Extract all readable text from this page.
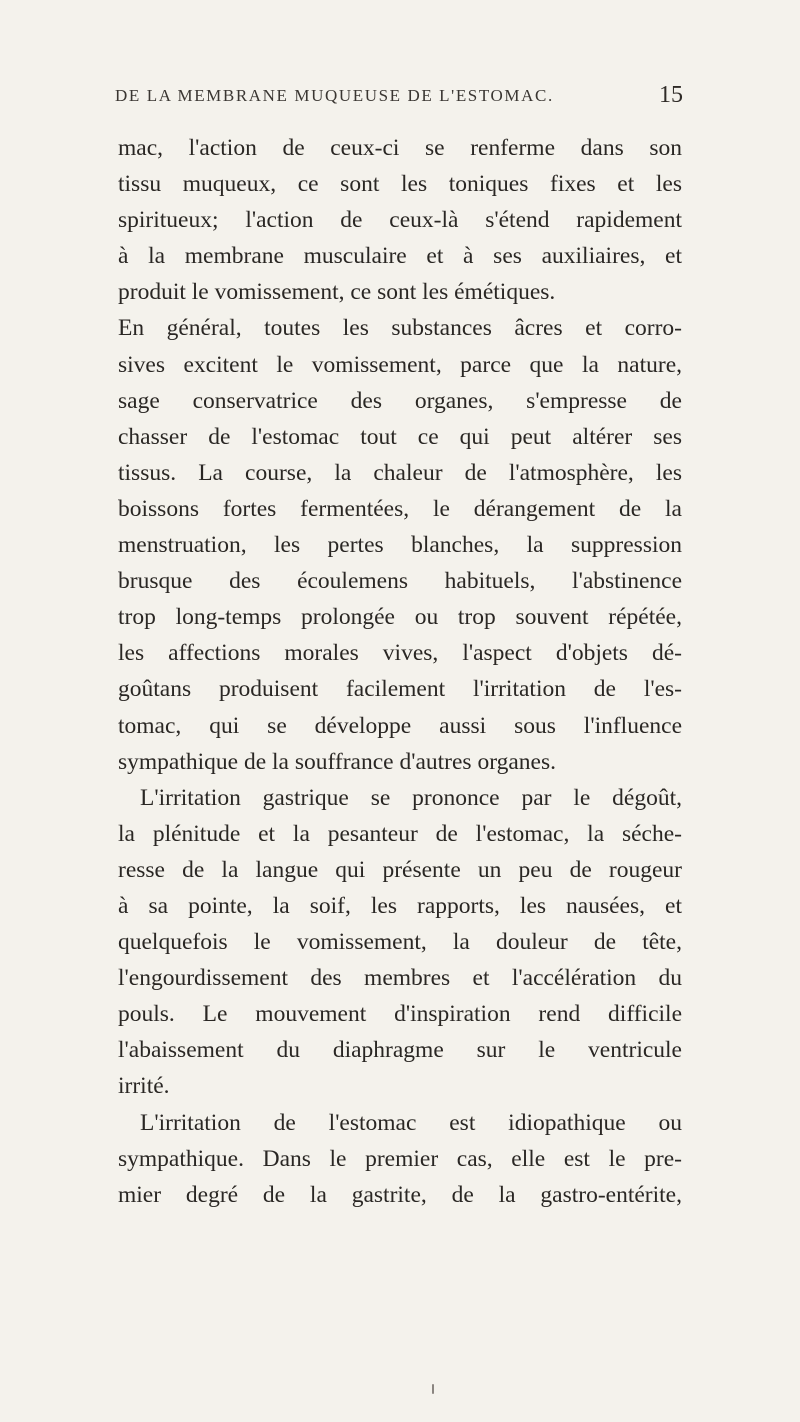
DE LA MEMBRANE MUQUEUSE DE L'ESTOMAC.	15
mac, l'action de ceux-ci se renferme dans son
tissu muqueux, ce sont les toniques fixes et les
spiritueux; l'action de ceux-là s'étend rapidement
à la membrane musculaire et à ses auxiliaires, et
produit le vomissement, ce sont les émétiques.
En général, toutes les substances âcres et corro-
sives excitent le vomissement, parce que la nature,
sage conservatrice des organes, s'empresse de
chasser de l'estomac tout ce qui peut altérer ses
tissus. La course, la chaleur de l'atmosphère, les
boissons fortes fermentées, le dérangement de la
menstruation, les pertes blanches, la suppression
brusque des écoulemens habituels, l'abstinence
trop long-temps prolongée ou trop souvent répétée,
les affections morales vives, l'aspect d'objets dé-
goûtans produisent facilement l'irritation de l'es-
tomac, qui se développe aussi sous l'influence
sympathique de la souffrance d'autres organes.
L'irritation gastrique se prononce par le dégoût,
la plénitude et la pesanteur de l'estomac, la séche-
resse de la langue qui présente un peu de rougeur
à sa pointe, la soif, les rapports, les nausées, et
quelquefois le vomissement, la douleur de tête,
l'engourdissement des membres et l'accélération du
pouls. Le mouvement d'inspiration rend difficile
l'abaissement du diaphragme sur le ventricule
irrité.
L'irritation de l'estomac est idiopathique ou
sympathique. Dans le premier cas, elle est le pre-
mier degré de la gastrite, de la gastro-entérite,
